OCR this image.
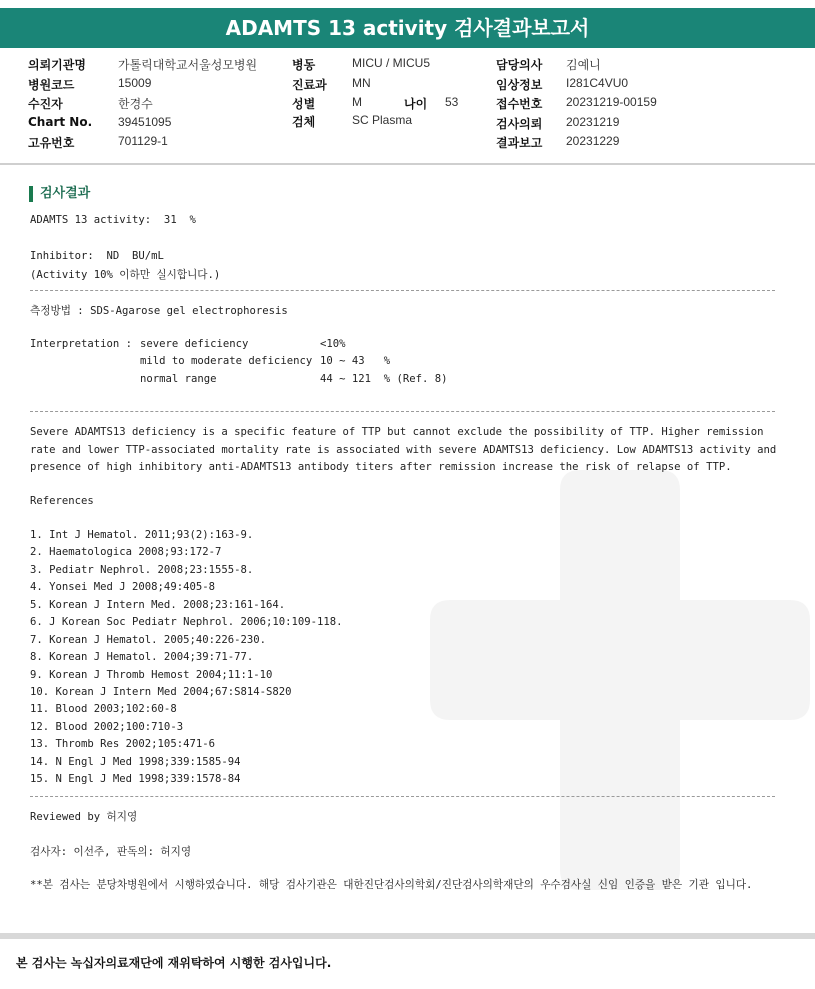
ADAMTS 13 activity 검사결과보고서
의뢰기관명	가톨릭대학교서울성모병원	병동	MICU / MICU5	담당의사 김예니
병원코드	15009	진료과 MN	임상정보 I281C4VU0
수진자	한경수	성별	M	나이 53	접수번호 20231219-00159
Chart No. 39451095	검체	SC Plasma	검사의뢰 20231219
고유번호	701129-1	결과보고 20231229
검사결과
ADAMTS 13 activity:  31  %
Inhibitor:  ND  BU/mL
(Activity 10% 이하만 실시합니다.)
측정방법 : SDS-Agarose gel electrophoresis
Interpretation : severe deficiency	<10%
mild to moderate deficiency 10 ~ 43   %
normal range	44 ~ 121  % (Ref. 8)
Severe ADAMTS13 deficiency is a specific feature of TTP but cannot exclude the possibility of TTP. Higher remission rate and lower TTP-associated mortality rate is associated with severe ADAMTS13 deficiency. Low ADAMTS13 activity and presence of high inhibitory anti-ADAMTS13 antibody titers after remission increase the risk of relapse of TTP.
References
1. Int J Hematol. 2011;93(2):163-9.
2. Haematologica 2008;93:172-7
3. Pediatr Nephrol. 2008;23:1555-8.
4. Yonsei Med J 2008;49:405-8
5. Korean J Intern Med. 2008;23:161-164.
6. J Korean Soc Pediatr Nephrol. 2006;10:109-118.
7. Korean J Hematol. 2005;40:226-230.
8. Korean J Hematol. 2004;39:71-77.
9. Korean J Thromb Hemost 2004;11:1-10
10. Korean J Intern Med 2004;67:S814-S820
11. Blood 2003;102:60-8
12. Blood 2002;100:710-3
13. Thromb Res 2002;105:471-6
14. N Engl J Med 1998;339:1585-94
15. N Engl J Med 1998;339:1578-84
Reviewed by 허지영
검사자: 이선주, 판독의: 허지영
**본 검사는 분당차병원에서 시행하였습니다. 해당 검사기관은 대한진단검사의학회/진단검사의학재단의 우수검사실 신임 인증을 받은 기관 입니다.
본 검사는 녹십자의료재단에 재위탁하여 시행한 검사입니다.
